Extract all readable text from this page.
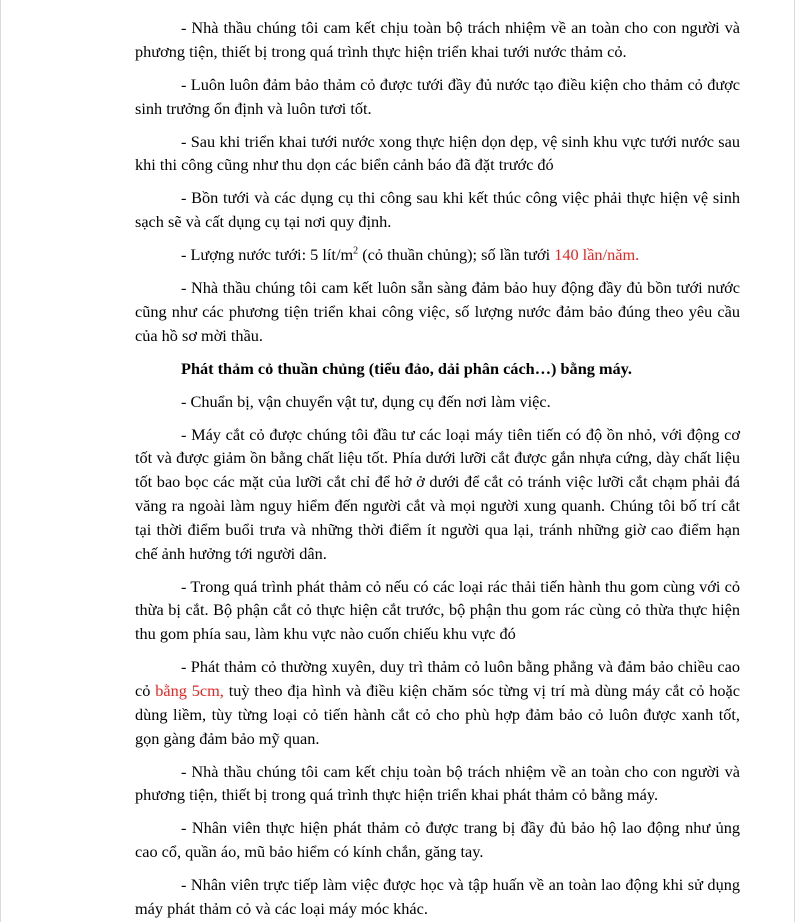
- Nhà thầu chúng tôi cam kết chịu toàn bộ trách nhiệm về an toàn cho con người và phương tiện, thiết bị trong quá trình thực hiện triển khai tưới nước thảm cỏ.

- Luôn luôn đảm bảo thảm cỏ được tưới đầy đủ nước tạo điều kiện cho thảm cỏ được sinh trưởng ổn định và luôn tươi tốt.

- Sau khi triển khai tưới nước xong thực hiện dọn dẹp, vệ sinh khu vực tưới nước sau khi thi công cũng như thu dọn các biển cảnh báo đã đặt trước đó

- Bồn tưới và các dụng cụ thi công sau khi kết thúc công việc phải thực hiện vệ sinh sạch sẽ và cất dụng cụ tại nơi quy định.

- Lượng nước tưới: 5 lít/$m^2$ (cỏ thuần chủng); số lần tưới 140 lần/năm.

- Nhà thầu chúng tôi cam kết luôn sẵn sàng đảm bảo huy động đầy đủ bồn tưới nước cũng như các phương tiện triển khai công việc, số lượng nước đảm bảo đúng theo yêu cầu của hồ sơ mời thầu.

Phát thảm cỏ thuần chủng (tiểu đảo, dải phân cách…) bằng máy.

- Chuẩn bị, vận chuyển vật tư, dụng cụ đến nơi làm việc.

- Máy cắt cỏ được chúng tôi đầu tư các loại máy tiên tiến có độ ồn nhỏ, với động cơ tốt và được giảm ồn bằng chất liệu tốt. Phía dưới lưỡi cắt được gắn nhựa cứng, dày chất liệu tốt bao bọc các mặt của lưỡi cắt chỉ để hở ở dưới để cắt cỏ tránh việc lưỡi cắt chạm phải đá văng ra ngoài làm nguy hiểm đến người cắt và mọi người xung quanh. Chúng tôi bố trí cắt tại thời điểm buổi trưa và những thời điểm ít người qua lại, tránh những giờ cao điểm hạn chế ảnh hưởng tới người dân.

- Trong quá trình phát thảm cỏ nếu có các loại rác thải tiến hành thu gom cùng với cỏ thừa bị cắt. Bộ phận cắt cỏ thực hiện cắt trước, bộ phận thu gom rác cùng cỏ thừa thực hiện thu gom phía sau, làm khu vực nào cuốn chiếu khu vực đó

- Phát thảm cỏ thường xuyên, duy trì thảm cỏ luôn bằng phẳng và đảm bảo chiều cao cỏ bằng 5cm, tuỳ theo địa hình và điều kiện chăm sóc từng vị trí mà dùng máy cắt cỏ hoặc dùng liềm, tùy từng loại cỏ tiến hành cắt cỏ cho phù hợp đảm bảo cỏ luôn được xanh tốt, gọn gàng đảm bảo mỹ quan.

- Nhà thầu chúng tôi cam kết chịu toàn bộ trách nhiệm về an toàn cho con người và phương tiện, thiết bị trong quá trình thực hiện triển khai phát thảm cỏ bằng máy.

- Nhân viên thực hiện phát thảm cỏ được trang bị đầy đủ bảo hộ lao động như ủng cao cổ, quần áo, mũ bảo hiểm có kính chắn, găng tay.

- Nhân viên trực tiếp làm việc được học và tập huấn về an toàn lao động khi sử dụng máy phát thảm cỏ và các loại máy móc khác.
